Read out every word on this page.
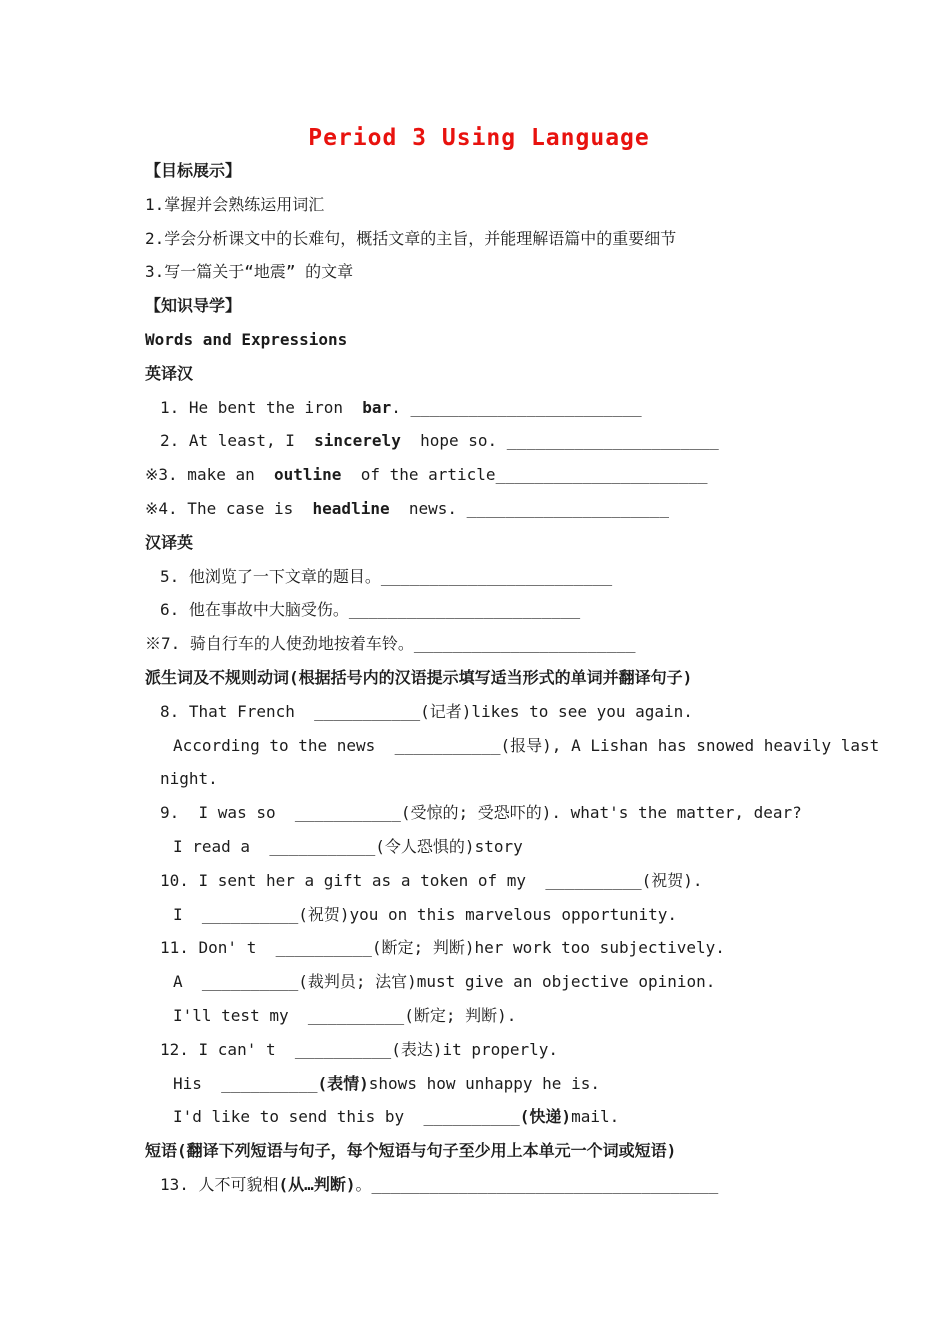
Period 3 Using Language
【目标展示】
1.掌握并会熟练运用词汇
2.学会分析课文中的长难句，概括文章的主旨，并能理解语篇中的重要细节
3.写一篇关于“地震” 的文章
【知识导学】
Words and Expressions
英译汉
1. He bent the iron  bar. ________________________
2. At least, I  sincerely  hope so. ______________________
※3. make an  outline  of the article______________________
※4. The case is  headline  news. _____________________
汉译英
5. 他浏览了一下文章的题目。________________________
6. 他在事故中大脑受伤。________________________
※7. 骑自行车的人使劲地按着车铃。_______________________
派生词及不规则动词(根据括号内的汉语提示填写适当形式的单词并翻译句子)
8. That French  ___________(记者)likes to see you again.
According to the news  ___________(报导), A Lishan has snowed heavily last
night.
9.  I was so  ___________(受惊的; 受恐吓的). what's the matter, dear?
I read a  ___________(令人恐惧的)story
10. I sent her a gift as a token of my  __________(祝贺).
I  __________(祝贺)you on this marvelous opportunity.
11. Don' t  __________(断定; 判断)her work too subjectively.
A  __________(裁判员; 法官)must give an objective opinion.
I'll test my  __________(断定; 判断).
12. I can' t  __________(表达)it properly.
His  __________(表情)shows how unhappy he is.
I'd like to send this by  __________(快递)mail.
短语(翻译下列短语与句子，每个短语与句子至少用上本单元一个词或短语)
13. 人不可貌相(从…判断)。____________________________________
